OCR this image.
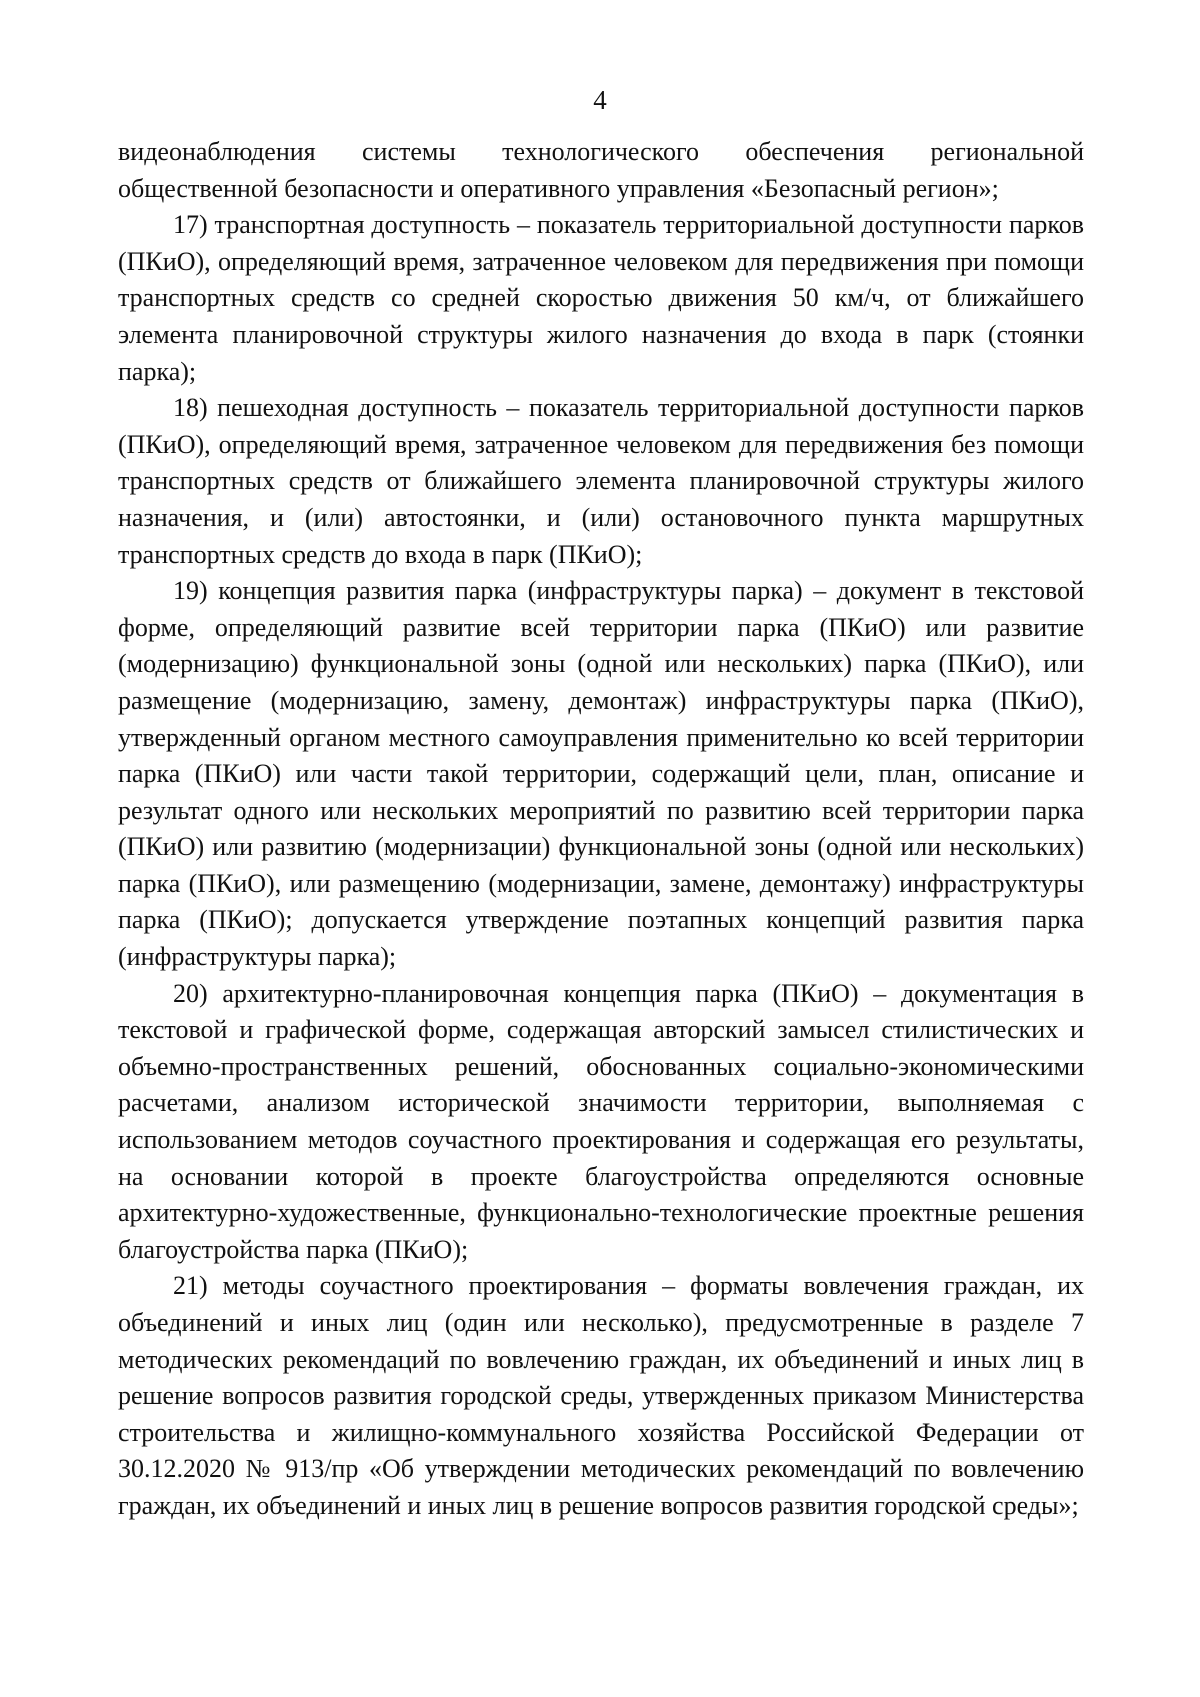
4

видеонаблюдения системы технологического обеспечения региональной общественной безопасности и оперативного управления «Безопасный регион»;

17) транспортная доступность – показатель территориальной доступности парков (ПКиО), определяющий время, затраченное человеком для передвижения при помощи транспортных средств со средней скоростью движения 50 км/ч, от ближайшего элемента планировочной структуры жилого назначения до входа в парк (стоянки парка);

18) пешеходная доступность – показатель территориальной доступности парков (ПКиО), определяющий время, затраченное человеком для передвижения без помощи транспортных средств от ближайшего элемента планировочной структуры жилого назначения, и (или) автостоянки, и (или) остановочного пункта маршрутных транспортных средств до входа в парк (ПКиО);

19) концепция развития парка (инфраструктуры парка) – документ в текстовой форме, определяющий развитие всей территории парка (ПКиО) или развитие (модернизацию) функциональной зоны (одной или нескольких) парка (ПКиО), или размещение (модернизацию, замену, демонтаж) инфраструктуры парка (ПКиО), утвержденный органом местного самоуправления применительно ко всей территории парка (ПКиО) или части такой территории, содержащий цели, план, описание и результат одного или нескольких мероприятий по развитию всей территории парка (ПКиО) или развитию (модернизации) функциональной зоны (одной или нескольких) парка (ПКиО), или размещению (модернизации, замене, демонтажу) инфраструктуры парка (ПКиО); допускается утверждение поэтапных концепций развития парка (инфраструктуры парка);

20) архитектурно-планировочная концепция парка (ПКиО) – документация в текстовой и графической форме, содержащая авторский замысел стилистических и объемно-пространственных решений, обоснованных социально-экономическими расчетами, анализом исторической значимости территории, выполняемая с использованием методов соучастного проектирования и содержащая его результаты, на основании которой в проекте благоустройства определяются основные архитектурно-художественные, функционально-технологические проектные решения благоустройства парка (ПКиО);

21) методы соучастного проектирования – форматы вовлечения граждан, их объединений и иных лиц (один или несколько), предусмотренные в разделе 7 методических рекомендаций по вовлечению граждан, их объединений и иных лиц в решение вопросов развития городской среды, утвержденных приказом Министерства строительства и жилищно-коммунального хозяйства Российской Федерации от 30.12.2020 № 913/пр «Об утверждении методических рекомендаций по вовлечению граждан, их объединений и иных лиц в решение вопросов развития городской среды»;
